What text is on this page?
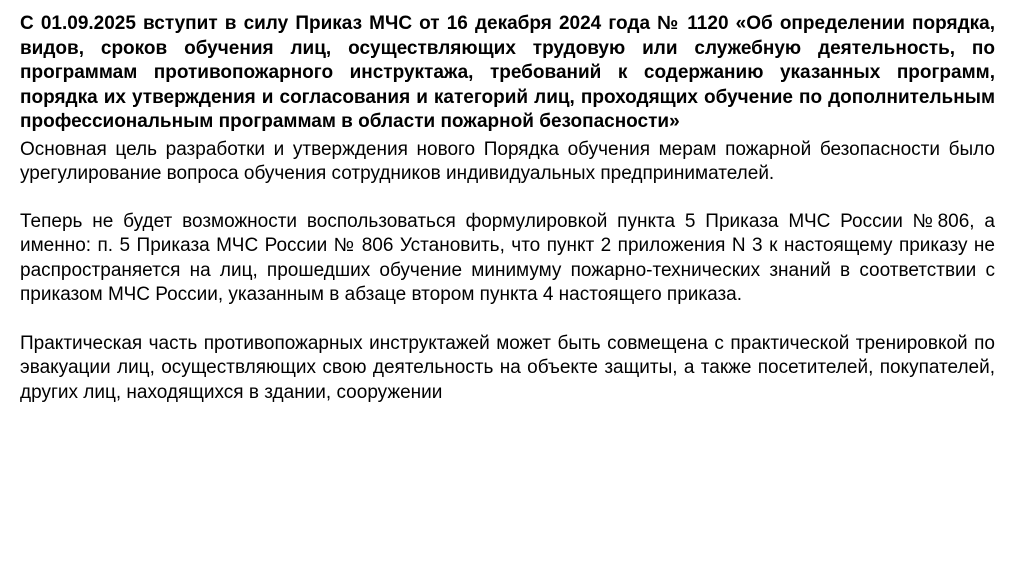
С 01.09.2025 вступит в силу Приказ МЧС от 16 декабря 2024 года № 1120 «Об определении порядка, видов, сроков обучения лиц, осуществляющих трудовую или служебную деятельность, по программам противопожарного инструктажа, требований к содержанию указанных программ, порядка их утверждения и согласования и категорий лиц, проходящих обучение по дополнительным профессиональным программам в области пожарной безопасности»

Основная цель разработки и утверждения нового Порядка обучения мерам пожарной безопасности было урегулирование вопроса обучения сотрудников индивидуальных предпринимателей.

Теперь не будет возможности воспользоваться формулировкой пункта 5 Приказа МЧС России №806, а именно: п. 5 Приказа МЧС России № 806 Установить, что пункт 2 приложения N 3 к настоящему приказу не распространяется на лиц, прошедших обучение минимуму пожарно-технических знаний в соответствии с приказом МЧС России, указанным в абзаце втором пункта 4 настоящего приказа.

Практическая часть противопожарных инструктажей может быть совмещена с практической тренировкой по эвакуации лиц, осуществляющих свою деятельность на объекте защиты, а также посетителей, покупателей, других лиц, находящихся в здании, сооружении
